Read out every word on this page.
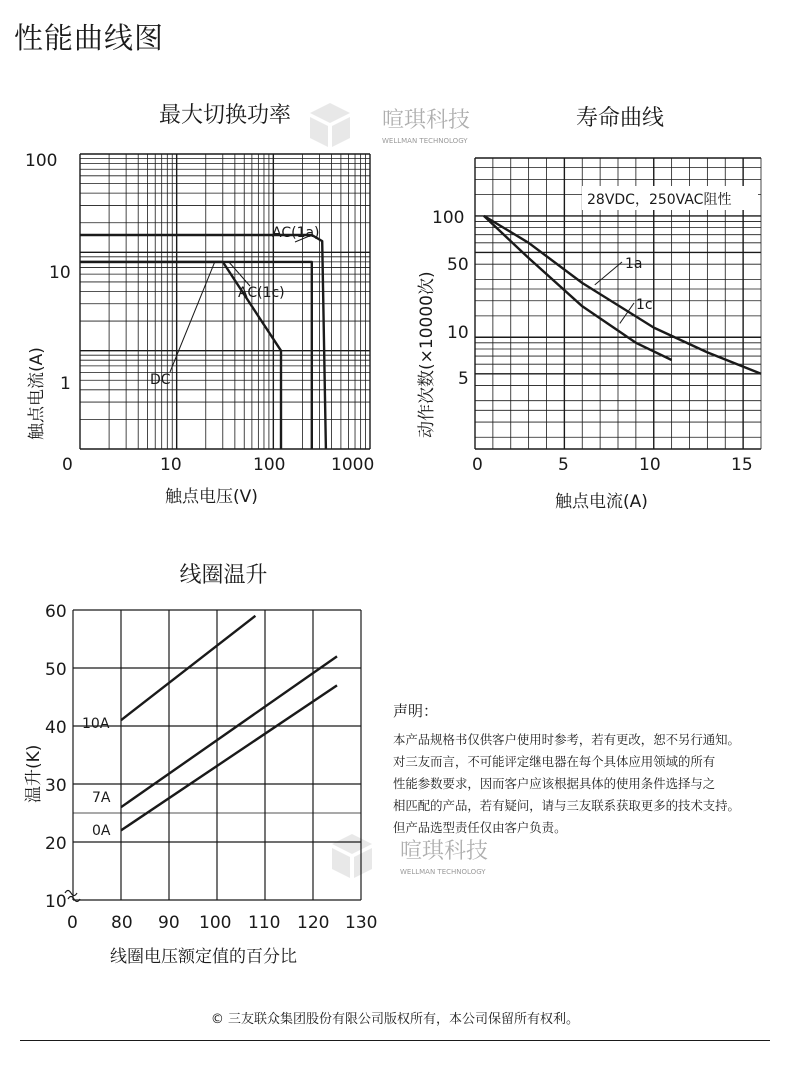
性能曲线图
喧琪科技
WELLMAN TECHNOLOGY
喧琪科技
WELLMAN TECHNOLOGY
最大切换功率
100
10
1
0	10	100	1000
触点电压(V)
触点电流(A)
AC(1a)
AC(1c)
DC
寿命曲线
28VDC，250VAC阻性
100
50
10
5
0	5	10	15
触点电流(A)
动作次数(×10000次)
1a
1c
线圈温升
60
50
40
30
20
10
0 80 90 100 110 120 130
线圈电压额定值的百分比
温升(K)
10A
7A
0A
声明：
本产品规格书仅供客户使用时参考，若有更改，恕不另行通知。
对三友而言，不可能评定继电器在每个具体应用领域的所有
性能参数要求，因而客户应该根据具体的使用条件选择与之
相匹配的产品，若有疑问，请与三友联系获取更多的技术支持。
但产品选型责任仅由客户负责。
© 三友联众集团股份有限公司版权所有，本公司保留所有权利。
